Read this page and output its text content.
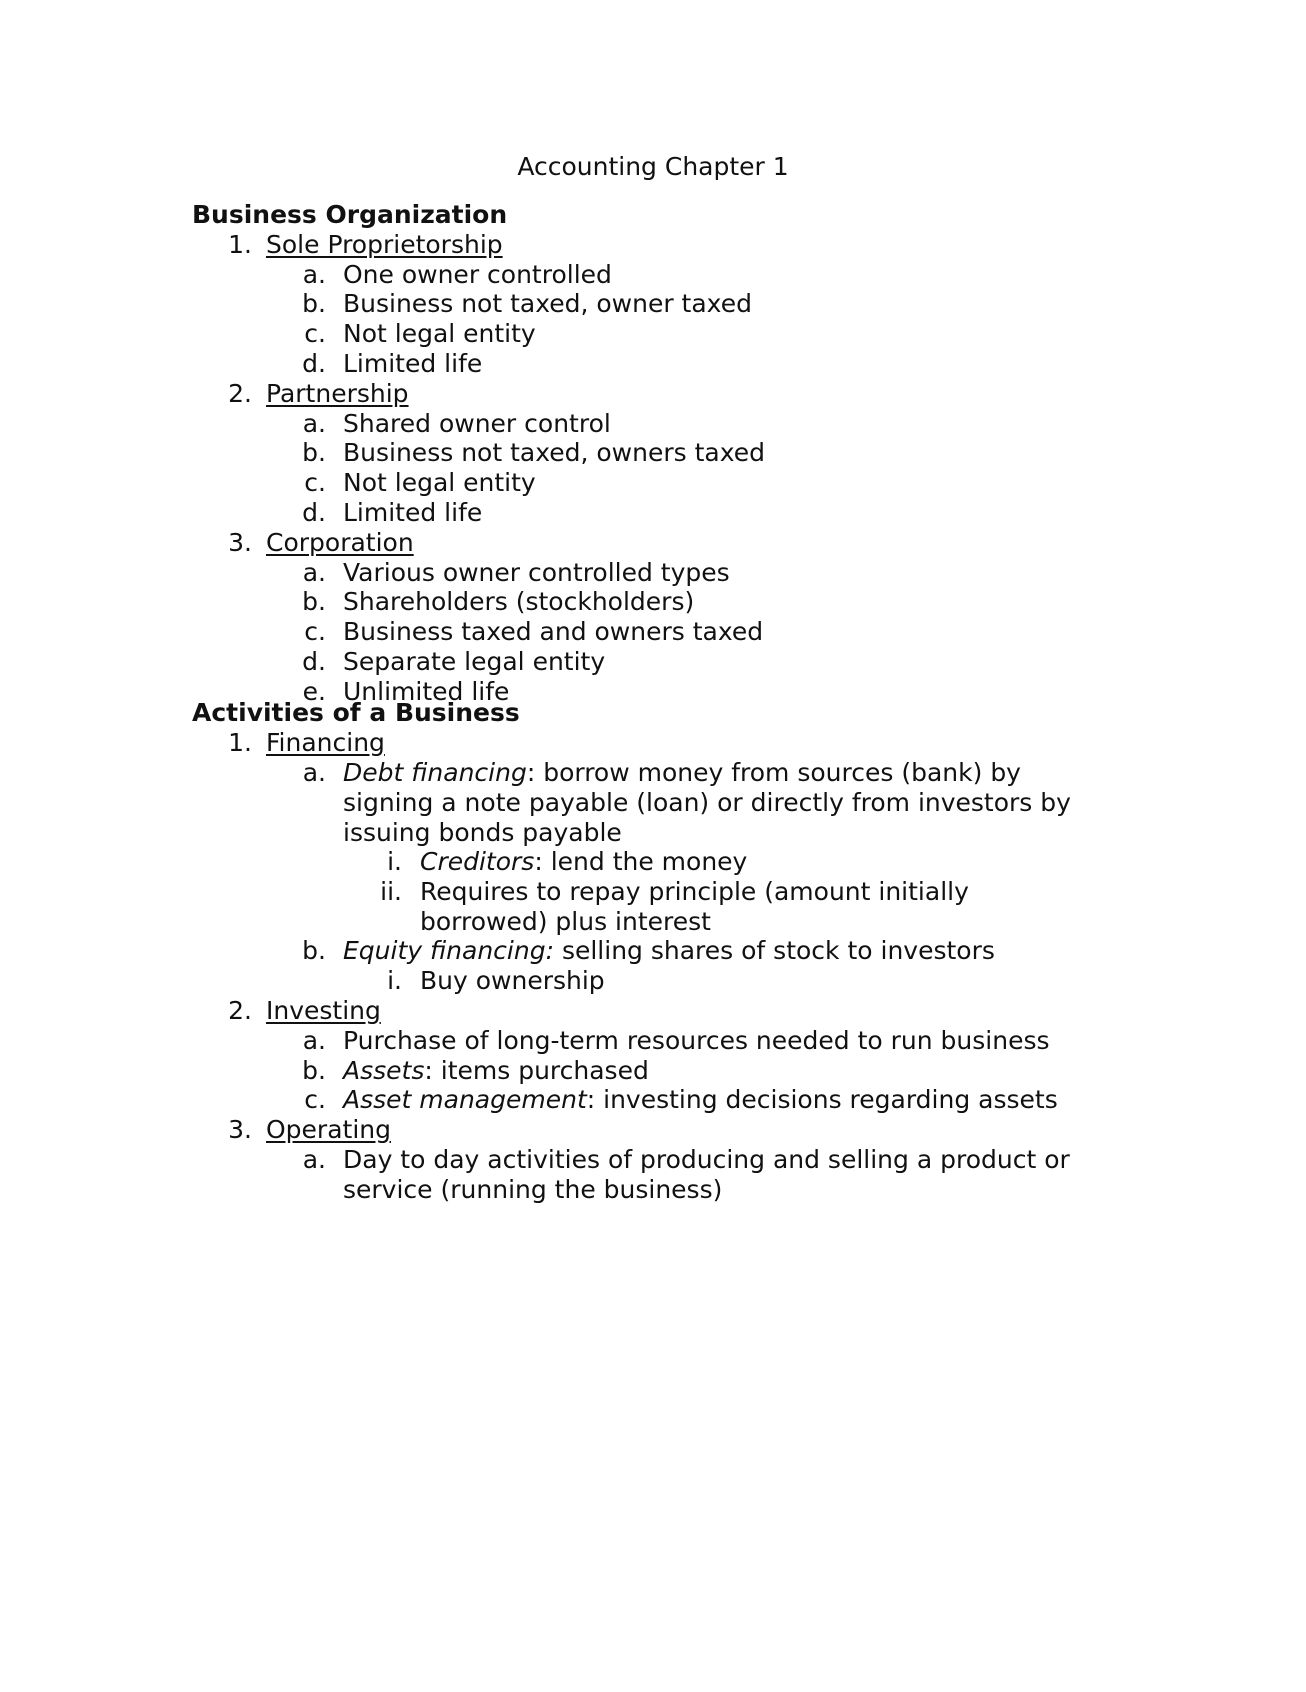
Accounting Chapter 1
Business Organization
1. Sole Proprietorship
a. One owner controlled
b. Business not taxed, owner taxed
c. Not legal entity
d. Limited life
2. Partnership
a. Shared owner control
b. Business not taxed, owners taxed
c. Not legal entity
d. Limited life
3. Corporation
a. Various owner controlled types
b. Shareholders (stockholders)
c. Business taxed and owners taxed
d. Separate legal entity
e. Unlimited life
Activities of a Business
1. Financing
a. Debt financing: borrow money from sources (bank) by signing a note payable (loan) or directly from investors by issuing bonds payable
i. Creditors: lend the money
ii. Requires to repay principle (amount initially borrowed) plus interest
b. Equity financing: selling shares of stock to investors
i. Buy ownership
2. Investing
a. Purchase of long-term resources needed to run business
b. Assets: items purchased
c. Asset management: investing decisions regarding assets
3. Operating
a. Day to day activities of producing and selling a product or service (running the business)
